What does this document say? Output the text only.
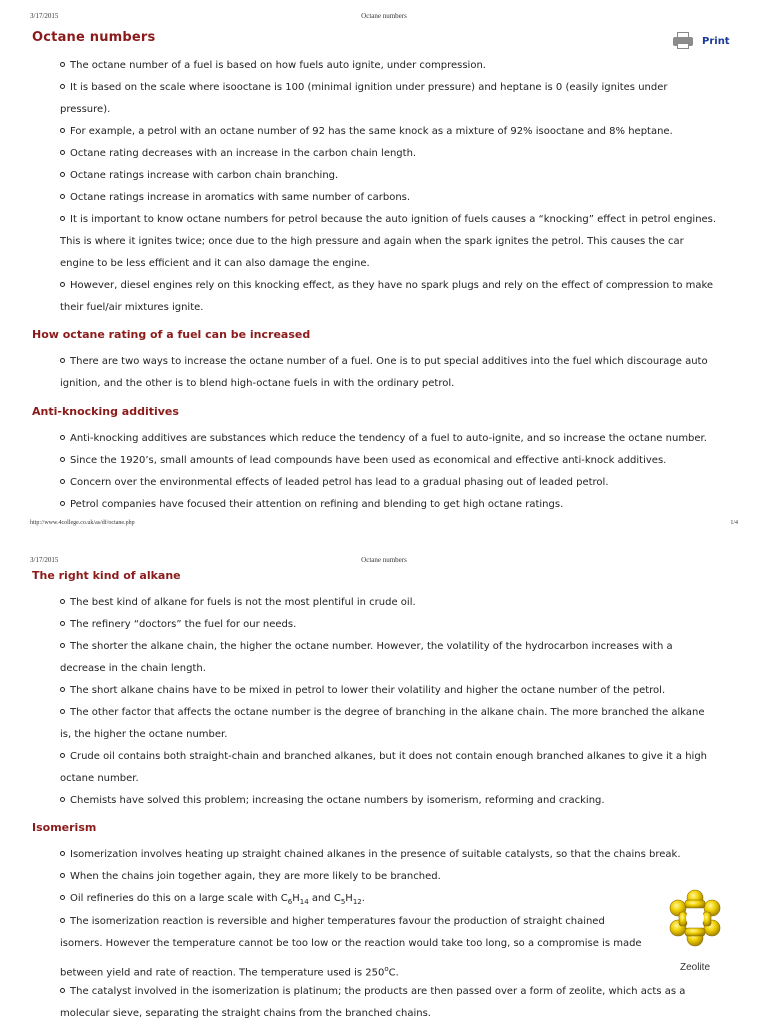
3/17/2015	Octane numbers
Octane numbers	Print
The octane number of a fuel is based on how fuels auto ignite, under compression.
It is based on the scale where isooctane is 100 (minimal ignition under pressure) and heptane is 0 (easily ignites under
pressure).
For example, a petrol with an octane number of 92 has the same knock as a mixture of 92% isooctane and 8% heptane.
Octane rating decreases with an increase in the carbon chain length.
Octane ratings increase with carbon chain branching.
Octane ratings increase in aromatics with same number of carbons.
It is important to know octane numbers for petrol because the auto ignition of fuels causes a “knocking” effect in petrol engines.
This is where it ignites twice; once due to the high pressure and again when the spark ignites the petrol. This causes the car
engine to be less efficient and it can also damage the engine.
However, diesel engines rely on this knocking effect, as they have no spark plugs and rely on the effect of compression to make
their fuel/air mixtures ignite.
How octane rating of a fuel can be increased
There are two ways to increase the octane number of a fuel. One is to put special additives into the fuel which discourage auto
ignition, and the other is to blend high-octane fuels in with the ordinary petrol.
Anti-knocking additives
Anti-knocking additives are substances which reduce the tendency of a fuel to auto-ignite, and so increase the octane number.
Since the 1920’s, small amounts of lead compounds have been used as economical and effective anti-knock additives.
Concern over the environmental effects of leaded petrol has lead to a gradual phasing out of leaded petrol.
Petrol companies have focused their attention on refining and blending to get high octane ratings.
http://www.4college.co.uk/as/df/octane.php	1/4
3/17/2015	Octane numbers
The right kind of alkane
The best kind of alkane for fuels is not the most plentiful in crude oil.
The refinery “doctors” the fuel for our needs.
The shorter the alkane chain, the higher the octane number. However, the volatility of the hydrocarbon increases with a
decrease in the chain length.
The short alkane chains have to be mixed in petrol to lower their volatility and higher the octane number of the petrol.
The other factor that affects the octane number is the degree of branching in the alkane chain. The more branched the alkane
is, the higher the octane number.
Crude oil contains both straight-chain and branched alkanes, but it does not contain enough branched alkanes to give it a high
octane number.
Chemists have solved this problem; increasing the octane numbers by isomerism, reforming and cracking.
Isomerism
Isomerization involves heating up straight chained alkanes in the presence of suitable catalysts, so that the chains break.
When the chains join together again, they are more likely to be branched.
Oil refineries do this on a large scale with $C_6H_{14}$ and $C_5H_{12}$.
The isomerization reaction is reversible and higher temperatures favour the production of straight chained
isomers. However the temperature cannot be too low or the reaction would take too long, so a compromise is made
between yield and rate of reaction. The temperature used is 250$^o$C.
The catalyst involved in the isomerization is platinum; the products are then passed over a form of zeolite, which acts as a
molecular sieve, separating the straight chains from the branched chains.
Zeolite
